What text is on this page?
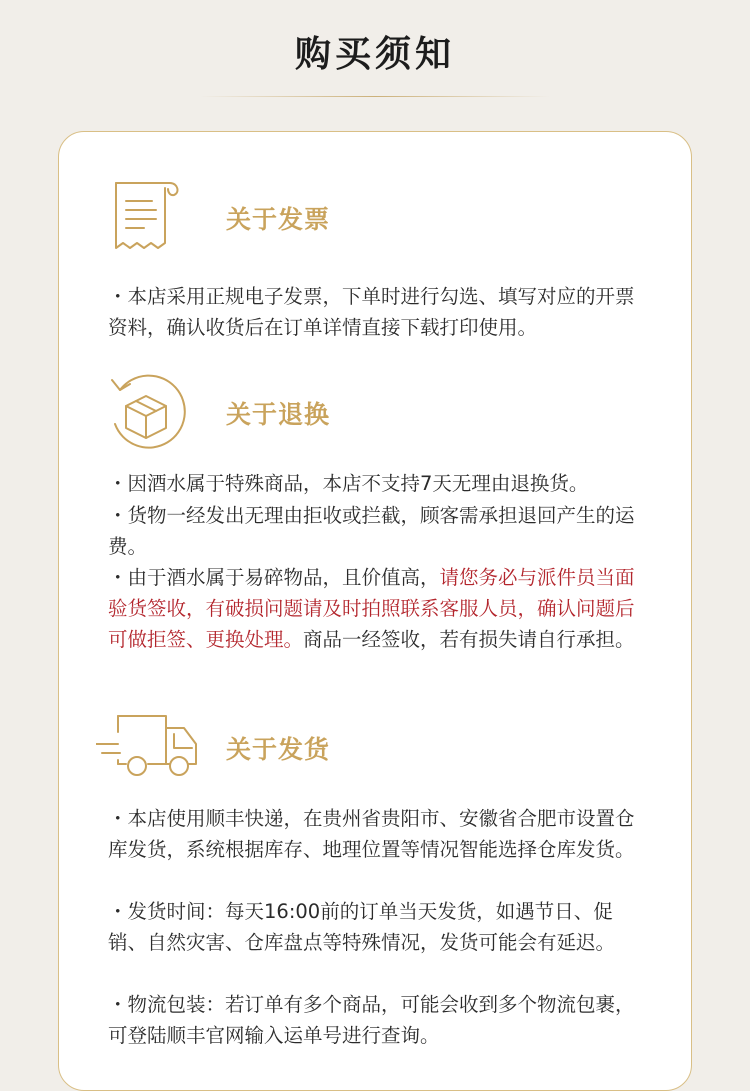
购买须知
关于发票
・本店采用正规电子发票，下单时进行勾选、填写对应的开票资料，确认收货后在订单详情直接下载打印使用。
关于退换
・因酒水属于特殊商品，本店不支持7天无理由退换货。
・货物一经发出无理由拒收或拦截，顾客需承担退回产生的运费。
・由于酒水属于易碎物品，且价值高，请您务必与派件员当面验货签收，有破损问题请及时拍照联系客服人员，确认问题后可做拒签、更换处理。商品一经签收，若有损失请自行承担。
关于发货
・本店使用顺丰快递，在贵州省贵阳市、安徽省合肥市设置仓库发货，系统根据库存、地理位置等情况智能选择仓库发货。
・发货时间：每天16:00前的订单当天发货，如遇节日、促销、自然灾害、仓库盘点等特殊情况，发货可能会有延迟。
・物流包装：若订单有多个商品，可能会收到多个物流包裹，可登陆顺丰官网输入运单号进行查询。
